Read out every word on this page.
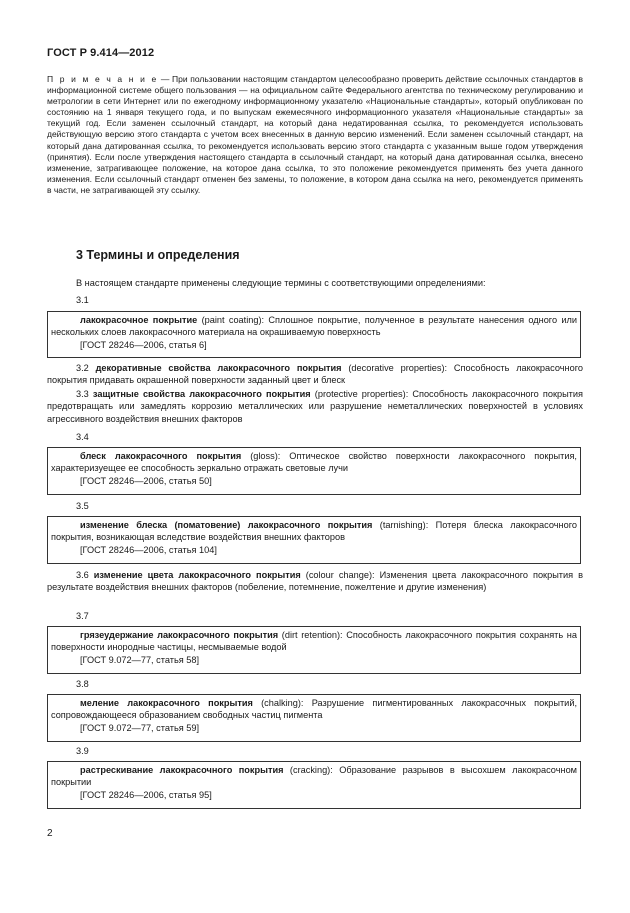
ГОСТ Р 9.414—2012
П р и м е ч а н и е — При пользовании настоящим стандартом целесообразно проверить действие ссылочных стандартов в информационной системе общего пользования — на официальном сайте Федерального агентства по техническому регулированию и метрологии в сети Интернет или по ежегодному информационному указателю «Национальные стандарты», который опубликован по состоянию на 1 января текущего года, и по выпускам ежемесячного информационного указателя «Национальные стандарты» за текущий год. Если заменен ссылочный стандарт, на который дана недатированная ссылка, то рекомендуется использовать действующую версию этого стандарта с учетом всех внесенных в данную версию изменений. Если заменен ссылочный стандарт, на который дана датированная ссылка, то рекомендуется использовать версию этого стандарта с указанным выше годом утверждения (принятия). Если после утверждения настоящего стандарта в ссылочный стандарт, на который дана датированная ссылка, внесено изменение, затрагивающее положение, на которое дана ссылка, то это положение рекомендуется применять без учета данного изменения. Если ссылочный стандарт отменен без замены, то положение, в котором дана ссылка на него, рекомендуется применять в части, не затрагивающей эту ссылку.
3 Термины и определения
В настоящем стандарте применены следующие термины с соответствующими определениями:
3.1
лакокрасочное покрытие (paint coating): Сплошное покрытие, полученное в результате нанесения одного или нескольких слоев лакокрасочного материала на окрашиваемую поверхность
[ГОСТ 28246—2006, статья 6]
3.2 декоративные свойства лакокрасочного покрытия (decorative properties): Способность лакокрасочного покрытия придавать окрашенной поверхности заданный цвет и блеск
3.3 защитные свойства лакокрасочного покрытия (protective properties): Способность лакокрасочного покрытия предотвращать или замедлять коррозию металлических или разрушение неметаллических поверхностей в условиях агрессивного воздействия внешних факторов
3.4
блеск лакокрасочного покрытия (gloss): Оптическое свойство поверхности лакокрасочного покрытия, характеризуещее ее способность зеркально отражать световые лучи
[ГОСТ 28246—2006, статья 50]
3.5
изменение блеска (поматовение) лакокрасочного покрытия (tarnishing): Потеря блеска лакокрасочного покрытия, возникающая вследствие воздействия внешних факторов
[ГОСТ 28246—2006, статья 104]
3.6 изменение цвета лакокрасочного покрытия (colour change): Изменения цвета лакокрасочного покрытия в результате воздействия внешних факторов (побеление, потемнение, пожелтение и другие изменения)
3.7
грязеудержание лакокрасочного покрытия (dirt retention): Способность лакокрасочного покрытия сохранять на поверхности инородные частицы, несмываемые водой
[ГОСТ 9.072—77, статья 58]
3.8
меление лакокрасочного покрытия (chalking): Разрушение пигментированных лакокрасочных покрытий, сопровождающееся образованием свободных частиц пигмента
[ГОСТ 9.072—77, статья 59]
3.9
растрескивание лакокрасочного покрытия (cracking): Образование разрывов в высохшем лакокрасочном покрытии
[ГОСТ 28246—2006, статья 95]
2
